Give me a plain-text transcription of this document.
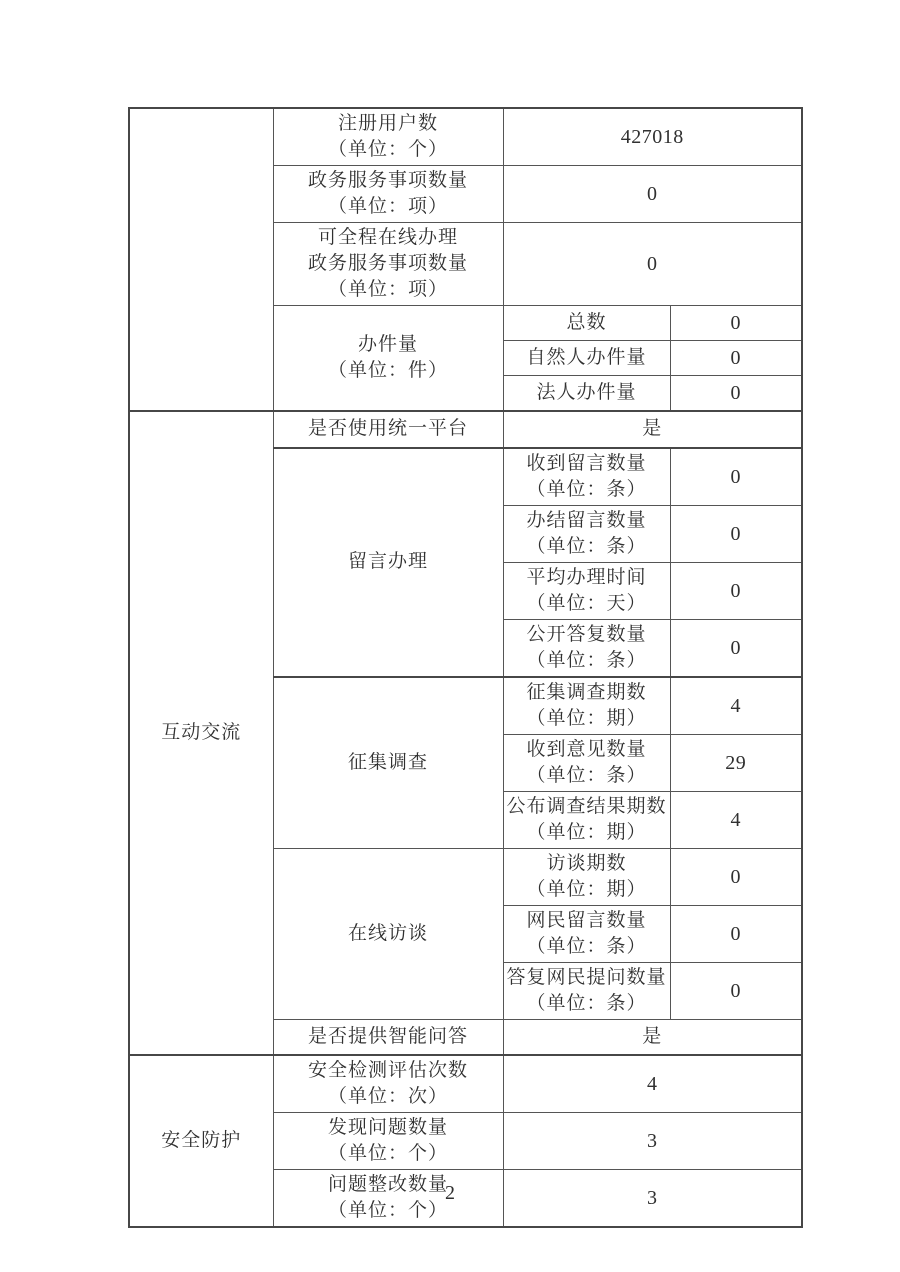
	注册用户数
（单位：个）	427018	

	政务服务事项数量
（单位：项）	0	

	可全程在线办理
政务服务事项数量
（单位：项）	0	

	办件量
（单位：件）	总数	0

		自然人办件量	0

		法人办件量	0
互动交流	是否使用统一平台	是	
	留言办理	收到留言数量
（单位：条）	0

		办结留言数量
（单位：条）	0

		平均办理时间
（单位：天）	0

		公开答复数量
（单位：条）	0
	征集调查	征集调查期数
（单位：期）	4

		收到意见数量
（单位：条）	29

		公布调查结果期数
（单位：期）	4
	在线访谈	访谈期数
（单位：期）	0

		网民留言数量
（单位：条）	0

		答复网民提问数量
（单位：条）	0

	是否提供智能问答	是	
安全防护	安全检测评估次数
（单位：次）	4	

	发现问题数量
（单位：个）	3	

	问题整改数量
（单位：个）	3	
2
